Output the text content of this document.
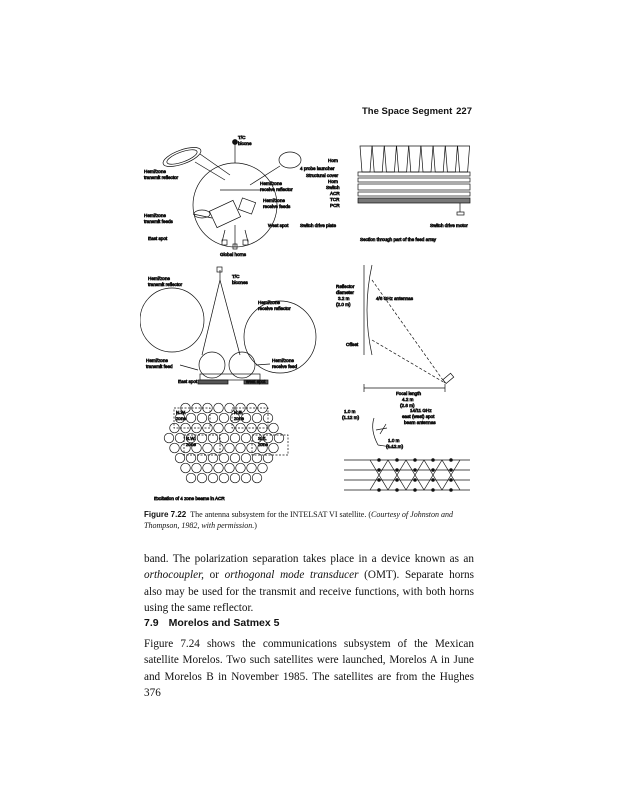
The Space Segment 227
T/C
bicone
Hemi/zone
transmit reflector
Hemi/zone
receive reflector
Hemi/zone
receive feeds
Hemi/zone
transmit feeds
West spot
East spot
Global horns
Horn
4 probe launcher
Structural cover
Horn
Switch
ACR
TCR
PCR
Switch drive plate	Switch drive motor
Section through part of the feed array
T/C
bicones
Hemi/zone
transmit reflector
Hemi/zone
receive reflector
Hemi/zone
transmit feed
Hemi/zone
receive feed
East spot	west spot
Reflector
diameter
3.2 m
(2.0 m)
4/6 GHz antennas
Offset
Focal length
4.2 m
(2.6 m)
N.W.
zone
N.E.
zone
S.W.
zone
S.E.
zone
Excitation of 4 zone beams in ACR
1.0 m
(1.12 m)
14/11 GHz
east (west) spot
beam antennas
1.0 m
(1.12 m)
Figure 7.22 The antenna subsystem for the INTELSAT VI satellite. (Courtesy of Johnston and Thompson, 1982, with permission.)

band. The polarization separation takes place in a device known as an orthocoupler, or orthogonal mode transducer (OMT). Separate horns also may be used for the transmit and receive functions, with both horns using the same reflector.

7.9 Morelos and Satmex 5

Figure 7.24 shows the communications subsystem of the Mexican satellite Morelos. Two such satellites were launched, Morelos A in June and Morelos B in November 1985. The satellites are from the Hughes 376
